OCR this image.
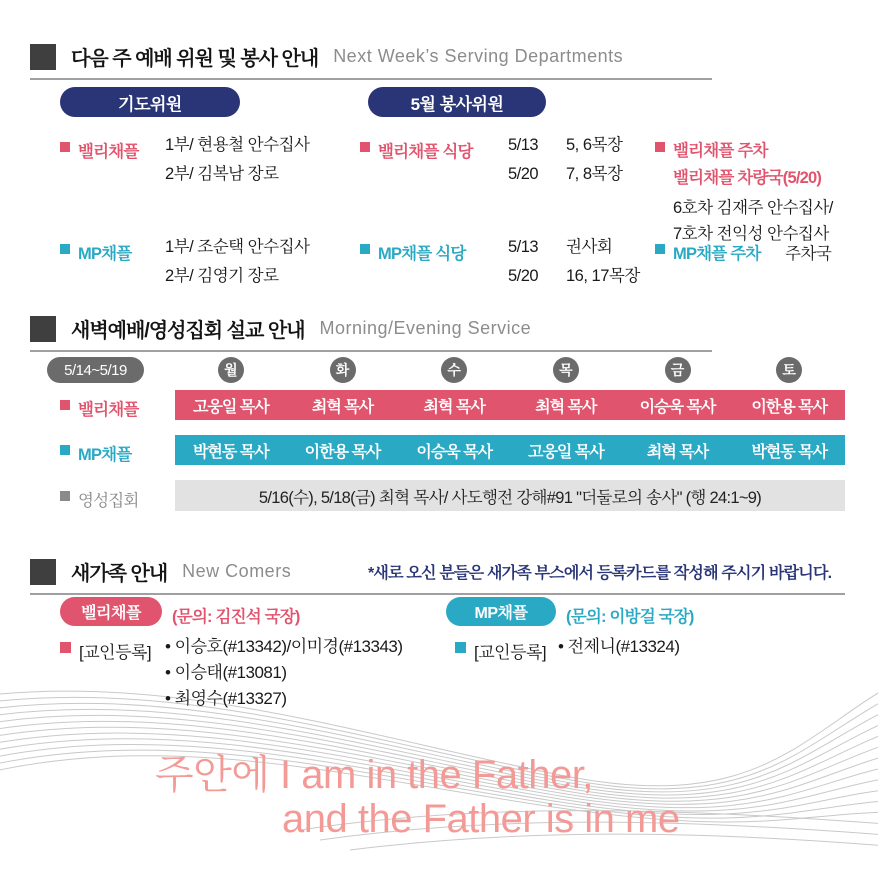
다음 주 예배 위원 및 봉사 안내 Next Week’s Serving Departments
기도위원	5월 봉사위원
밸리채플 1부/ 현용철 안수집사
2부/ 김복남 장로
밸리채플 식당 5/13	5, 6목장
5/20	7, 8목장
밸리채플 주차
밸리채플 차량국(5/20)
6호차 김재주 안수집사/
7호차 전익성 안수집사
MP채플 1부/ 조순택 안수집사
2부/ 김영기 장로
MP채플 식당	5/13	권사회
5/20	16, 17목장
MP채플 주차 주차국
새벽예배/영성집회 설교 안내 Morning/Evening Service
5/14~5/19	월	화	수	목	금	토
밸리채플	고웅일 목사	최혁 목사	최혁 목사	최혁 목사	이승욱 목사	이한용 목사
MP채플	박현동 목사	이한용 목사	이승욱 목사	고웅일 목사	최혁 목사	박현동 목사
영성집회	5/16(수), 5/18(금) 최혁 목사/ 사도행전 강해#91 "더둘로의 송사" (행 24:1~9)
새가족 안내 New Comers	*새로 오신 분들은 새가족 부스에서 등록카드를 작성해 주시기 바랍니다.
밸리채플	(문의: 김진석 국장)
[교인등록] • 이승호(#13342)/이미경(#13343)
• 이승태(#13081)
• 최영수(#13327)
MP채플	(문의: 이방걸 국장)
[교인등록] • 전제니(#13324)
주안에 I am in the Father,
and the Father is in me
